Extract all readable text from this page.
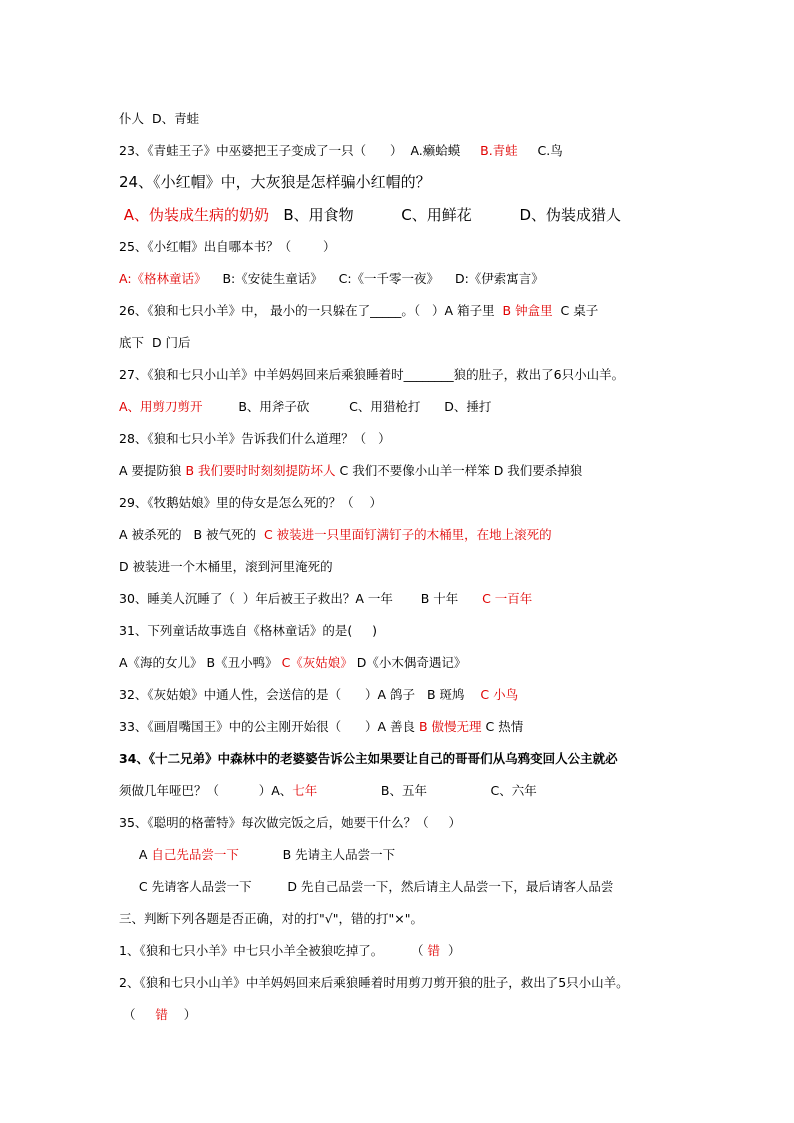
仆人  D、青蛙
23、《青蛙王子》中巫婆把王子变成了一只（      ）  A.癞蛤蟆     B.青蛙     C.鸟
24、《小红帽》中，大灰狼是怎样骗小红帽的？
A、伪装成生病的奶奶   B、用食物          C、用鲜花          D、伪装成猎人
25、《小红帽》出自哪本书？（        ）
A:《格林童话》    B:《安徒生童话》    C:《一千零一夜》    D:《伊索寓言》
26、《狼和七只小羊》中， 最小的一只躲在了_____。（   ）A 箱子里  B 钟盒里  C 桌子
底下  D 门后
27、《狼和七只小山羊》中羊妈妈回来后乘狼睡着时________狼的肚子，救出了6只小山羊。
A、用剪刀剪开         B、用斧子砍          C、用猎枪打      D、捶打
28、《狼和七只小羊》告诉我们什么道理？（   ）
A 要提防狼 B 我们要时时刻刻提防坏人 C 我们不要像小山羊一样笨 D 我们要杀掉狼
29、《牧鹅姑娘》里的侍女是怎么死的？（    ）
A 被杀死的   B 被气死的  C 被装进一只里面钉满钉子的木桶里，在地上滚死的
D 被装进一个木桶里，滚到河里淹死的
30、睡美人沉睡了（  ）年后被王子救出？A 一年       B 十年      C 一百年
31、下列童话故事选自《格林童话》的是(     )
A《海的女儿》 B《丑小鸭》 C《灰姑娘》 D《小木偶奇遇记》
32、《灰姑娘》中通人性，会送信的是（      ）A 鸽子   B 斑鸠    C 小鸟
33、《画眉嘴国王》中的公主刚开始很（      ）A 善良 B 傲慢无理 C 热情
34、《十二兄弟》中森林中的老婆婆告诉公主如果要让自己的哥哥们从乌鸦变回人公主就必
须做几年哑巴？（          ）A、七年                B、五年                C、六年
35、《聪明的格蕾特》每次做完饭之后，她要干什么？（     ）
A 自己先品尝一下           B 先请主人品尝一下
C 先请客人品尝一下         D 先自己品尝一下，然后请主人品尝一下，最后请客人品尝
三、判断下列各题是否正确，对的打"√"，错的打"×"。
1、《狼和七只小羊》中七只小羊全被狼吃掉了。       （ 错  ）
2、《狼和七只小山羊》中羊妈妈回来后乘狼睡着时用剪刀剪开狼的肚子，救出了5只小山羊。
（     错    ）
